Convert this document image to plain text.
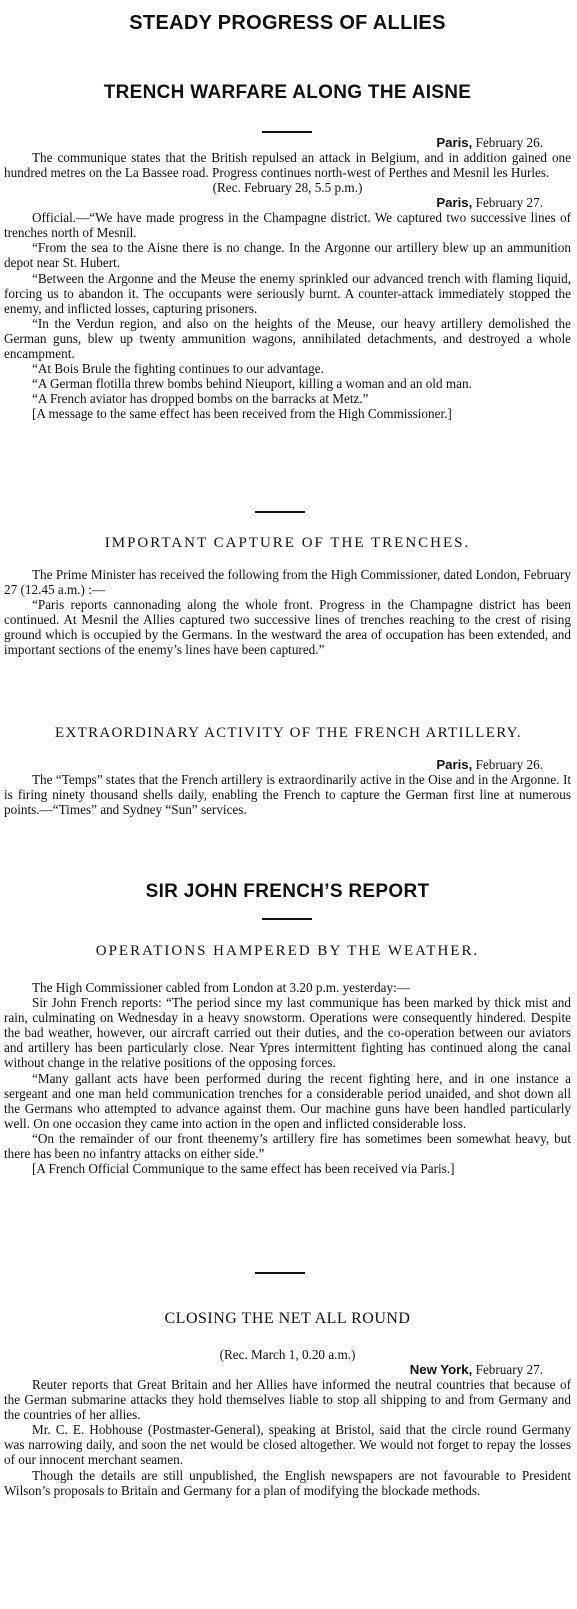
STEADY PROGRESS OF ALLIES
TRENCH WARFARE ALONG THE AISNE
Paris, February 26.

The communique states that the British repulsed an attack in Belgium, and in addition gained one hundred metres on the La Bassee road. Progress continues north-west of Perthes and Mesnil les Hurles.

(Rec. February 28, 5.5 p.m.)
Paris, February 27.

Official.—“We have made progress in the Champagne district. We captured two successive lines of trenches north of Mesnil.

“From the sea to the Aisne there is no change. In the Argonne our artillery blew up an ammunition depot near St. Hubert.

“Between the Argonne and the Meuse the enemy sprinkled our advanced trench with flaming liquid, forcing us to abandon it. The occupants were seriously burnt. A counter-attack immediately stopped the enemy, and inflicted losses, capturing prisoners.

“In the Verdun region, and also on the heights of the Meuse, our heavy artillery demolished the German guns, blew up twenty ammunition wagons, annihilated detachments, and destroyed a whole encampment.

“At Bois Brule the fighting continues to our advantage.

“A German flotilla threw bombs behind Nieuport, killing a woman and an old man.

“A French aviator has dropped bombs on the barracks at Metz.”

[A message to the same effect has been received from the High Commissioner.]

IMPORTANT CAPTURE OF THE TRENCHES.

The Prime Minister has received the following from the High Commissioner, dated London, February 27 (12.45 a.m.) :—

“Paris reports cannonading along the whole front. Progress in the Champagne district has been continued. At Mesnil the Allies captured two successive lines of trenches reaching to the crest of rising ground which is occupied by the Germans. In the westward the area of occupation has been extended, and important sections of the enemy’s lines have been captured.”

EXTRAORDINARY ACTIVITY OF THE FRENCH ARTILLERY.
Paris, February 26.

The “Temps” states that the French artillery is extraordinarily active in the Oise and in the Argonne. It is firing ninety thousand shells daily, enabling the French to capture the German first line at numerous points.—“Times” and Sydney “Sun” services.

SIR JOHN FRENCH’S REPORT
OPERATIONS HAMPERED BY THE WEATHER.

The High Commissioner cabled from London at 3.20 p.m. yesterday:—

Sir John French reports: “The period since my last communique has been marked by thick mist and rain, culminating on Wednesday in a heavy snowstorm. Operations were consequently hindered. Despite the bad weather, however, our aircraft carried out their duties, and the co-operation between our aviators and artillery has been particularly close. Near Ypres intermittent fighting has continued along the canal without change in the relative positions of the opposing forces.

“Many gallant acts have been performed during the recent fighting here, and in one instance a sergeant and one man held communication trenches for a considerable period unaided, and shot down all the Germans who attempted to advance against them. Our machine guns have been handled particularly well. On one occasion they came into action in the open and inflicted considerable loss.

“On the remainder of our front theenemy’s artillery fire has sometimes been somewhat heavy, but there has been no infantry attacks on either side.”

[A French Official Communique to the same effect has been received via Paris.]

CLOSING THE NET ALL ROUND
(Rec. March 1, 0.20 a.m.)
New York, February 27.

Reuter reports that Great Britain and her Allies have informed the neutral countries that because of the German submarine attacks they hold themselves liable to stop all shipping to and from Germany and the countries of her allies.

Mr. C. E. Hobhouse (Postmaster-General), speaking at Bristol, said that the circle round Germany was narrowing daily, and soon the net would be closed altogether. We would not forget to repay the losses of our innocent merchant seamen.

Though the details are still unpublished, the English newspapers are not favourable to President Wilson’s proposals to Britain and Germany for a plan of modifying the blockade methods.
